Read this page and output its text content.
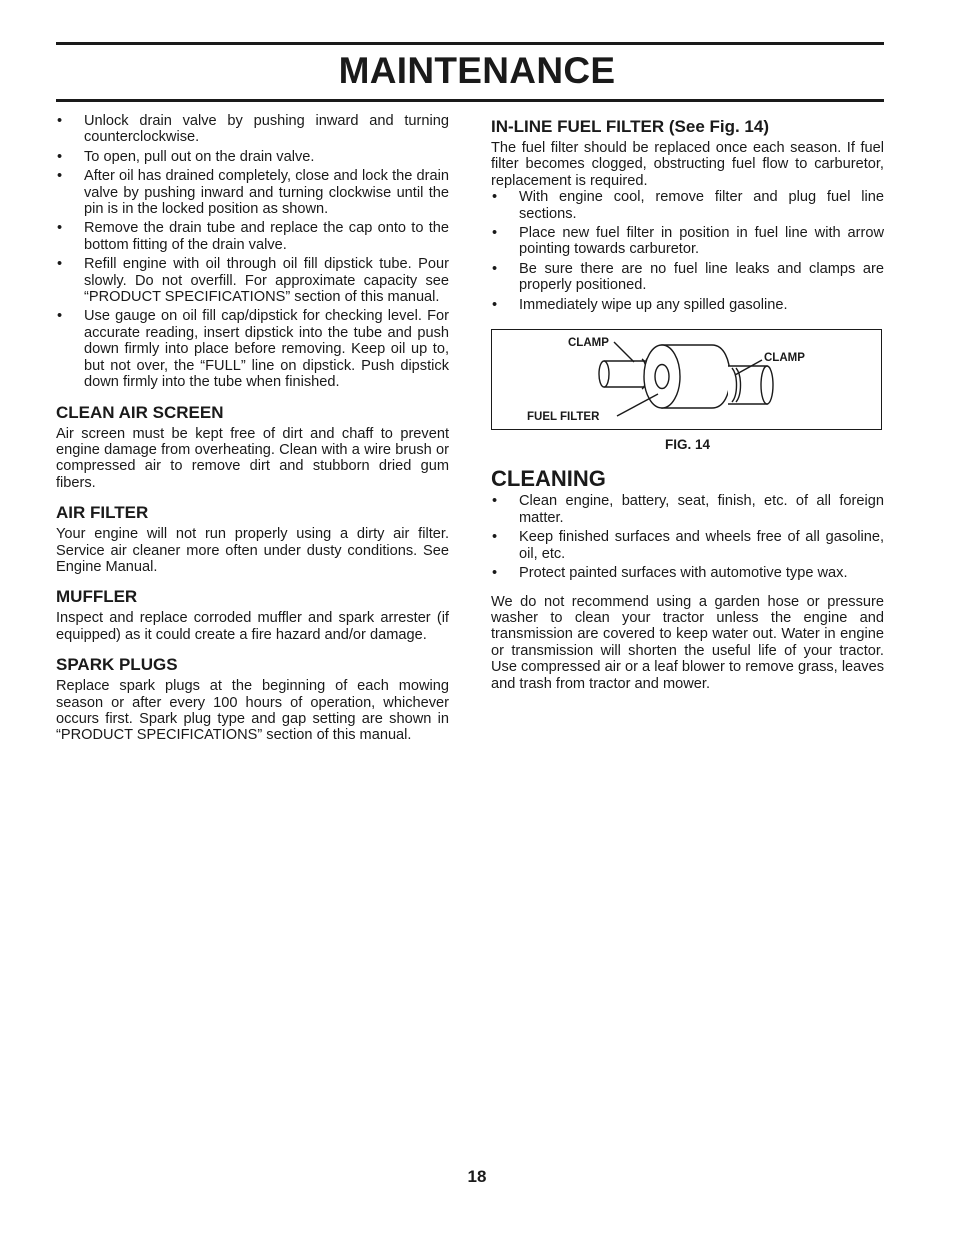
MAINTENANCE
• Unlock drain valve by pushing inward and turning counterclockwise.
• To open, pull out on the drain valve.
• After oil has drained completely, close and lock the drain valve by pushing inward and turning clockwise until the pin is in the locked position as shown.
• Remove the drain tube and replace the cap onto to the bottom fitting of the drain valve.
• Refill engine with oil through oil fill dipstick tube. Pour slowly. Do not overfill. For approximate capacity see “PRODUCT SPECIFICATIONS” section of this manual.
• Use gauge on oil fill cap/dipstick for checking level. For accurate reading, insert dipstick into the tube and push down firmly into place before removing. Keep oil up to, but not over, the “FULL” line on dipstick. Push dipstick down firmly into the tube when finished.
CLEAN AIR SCREEN

Air screen must be kept free of dirt and chaff to prevent engine damage from overheating. Clean with a wire brush or compressed air to remove dirt and stubborn dried gum fibers.

AIR FILTER

Your engine will not run properly using a dirty air filter. Service air cleaner more often under dusty conditions. See Engine Manual.

MUFFLER

Inspect and replace corroded muffler and spark arrester (if equipped) as it could create a fire hazard and/or damage.

SPARK PLUGS

Replace spark plugs at the beginning of each mowing season or after every 100 hours of operation, whichever occurs first. Spark plug type and gap setting are shown in “PRODUCT SPECIFICATIONS” section of this manual.

IN-LINE FUEL FILTER (See Fig. 14)

The fuel filter should be replaced once each season. If fuel filter becomes clogged, obstructing fuel flow to carburetor, replacement is required.

• With engine cool, remove filter and plug fuel line sections.
• Place new fuel filter in position in fuel line with arrow pointing towards carburetor.
• Be sure there are no fuel line leaks and clamps are properly positioned.
• Immediately wipe up any spilled gasoline.
CLAMP
CLAMP
FUEL FILTER
FIG. 14
CLEANING
• Clean engine, battery, seat, finish, etc. of all foreign matter.
• Keep finished surfaces and wheels free of all gasoline, oil, etc.
• Protect painted surfaces with automotive type wax.

We do not recommend using a garden hose or pressure washer to clean your tractor unless the engine and transmission are covered to keep water out. Water in engine or transmission will shorten the useful life of your tractor. Use compressed air or a leaf blower to remove grass, leaves and trash from tractor and mower.

18
